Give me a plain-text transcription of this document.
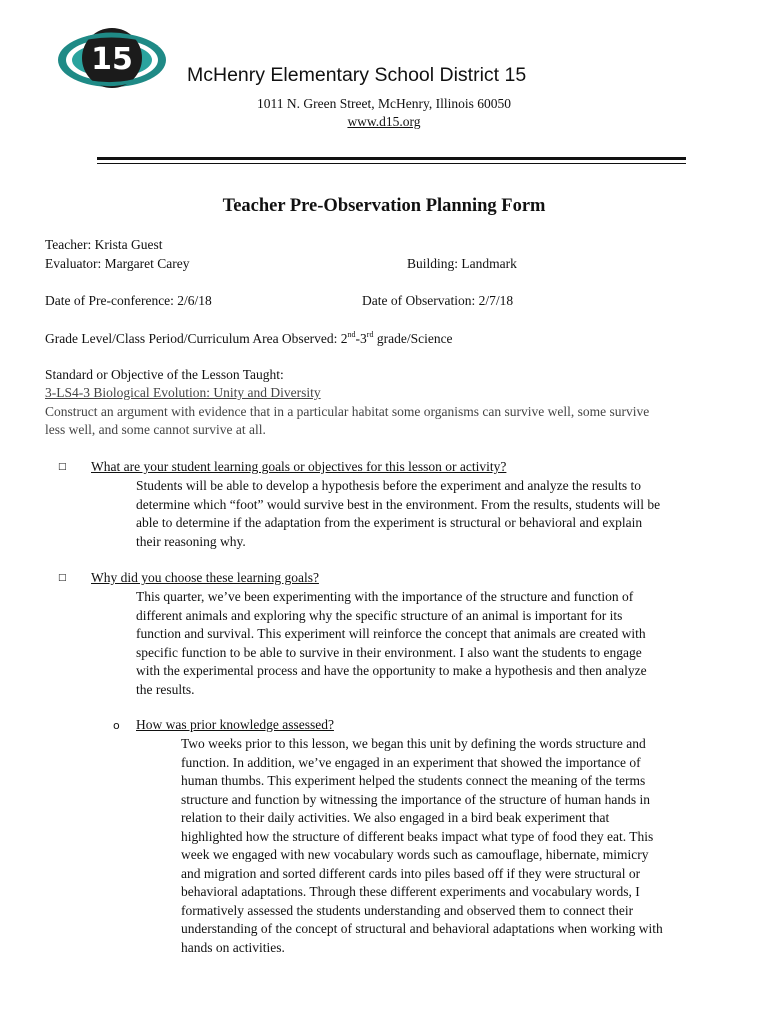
15	McHenry Elementary School District 15
1011 N. Green Street, McHenry, Illinois 60050
www.d15.org
Teacher Pre-Observation Planning Form
Teacher: Krista Guest
Evaluator: Margaret Carey	Building: Landmark
Date of Pre-conference: 2/6/18	Date of Observation: 2/7/18
Grade Level/Class Period/Curriculum Area Observed: 2nd-3rd grade/Science
Standard or Objective of the Lesson Taught:
3-LS4-3 Biological Evolution: Unity and Diversity
Construct an argument with evidence that in a particular habitat some organisms can survive well, some survive
less well, and some cannot survive at all.
□ What are your student learning goals or objectives for this lesson or activity?
Students will be able to develop a hypothesis before the experiment and analyze the results to
determine which “foot” would survive best in the environment. From the results, students will be
able to determine if the adaptation from the experiment is structural or behavioral and explain
their reasoning why.
□ Why did you choose these learning goals?
This quarter, we’ve been experimenting with the importance of the structure and function of
different animals and exploring why the specific structure of an animal is important for its
function and survival. This experiment will reinforce the concept that animals are created with
specific function to be able to survive in their environment. I also want the students to engage
with the experimental process and have the opportunity to make a hypothesis and then analyze
the results.
o How was prior knowledge assessed?
Two weeks prior to this lesson, we began this unit by defining the words structure and
function. In addition, we’ve engaged in an experiment that showed the importance of
human thumbs. This experiment helped the students connect the meaning of the terms
structure and function by witnessing the importance of the structure of human hands in
relation to their daily activities. We also engaged in a bird beak experiment that
highlighted how the structure of different beaks impact what type of food they eat. This
week we engaged with new vocabulary words such as camouflage, hibernate, mimicry
and migration and sorted different cards into piles based off if they were structural or
behavioral adaptations. Through these different experiments and vocabulary words, I
formatively assessed the students understanding and observed them to connect their
understanding of the concept of structural and behavioral adaptations when working with
hands on activities.
